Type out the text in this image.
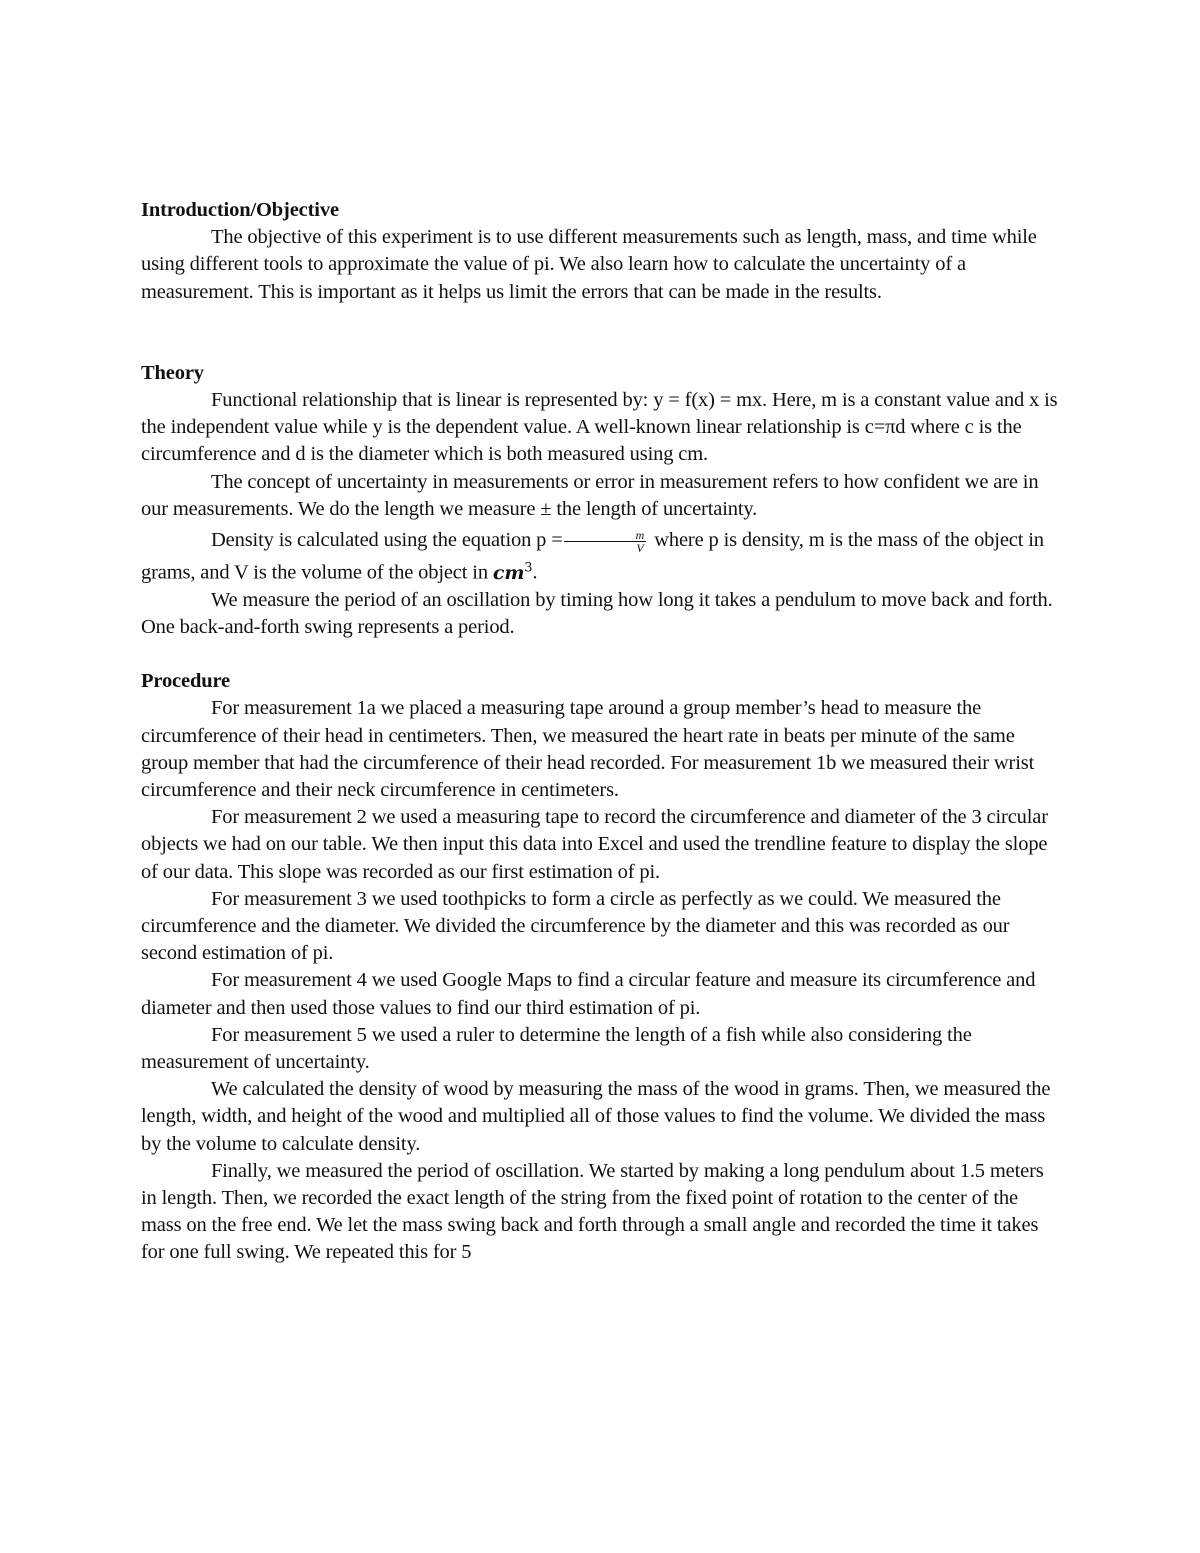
Introduction/Objective

The objective of this experiment is to use different measurements such as length, mass, and time while using different tools to approximate the value of pi. We also learn how to calculate the uncertainty of a measurement. This is important as it helps us limit the errors that can be made in the results.

Theory

Functional relationship that is linear is represented by: y = f(x) = mx. Here, m is a constant value and x is the independent value while y is the dependent value. A well-known linear relationship is c=πd where c is the circumference and d is the diameter which is both measured using cm.

The concept of uncertainty in measurements or error in measurement refers to how confident we are in our measurements. We do the length we measure ± the length of uncertainty.

Density is calculated using the equation $p = \frac{m}{V}$ where p is density, m is the mass of the object in grams, and V is the volume of the object in $cm^3$.

We measure the period of an oscillation by timing how long it takes a pendulum to move back and forth. One back-and-forth swing represents a period.

Procedure

For measurement 1a we placed a measuring tape around a group member’s head to measure the circumference of their head in centimeters. Then, we measured the heart rate in beats per minute of the same group member that had the circumference of their head recorded. For measurement 1b we measured their wrist circumference and their neck circumference in centimeters.

For measurement 2 we used a measuring tape to record the circumference and diameter of the 3 circular objects we had on our table. We then input this data into Excel and used the trendline feature to display the slope of our data. This slope was recorded as our first estimation of pi.

For measurement 3 we used toothpicks to form a circle as perfectly as we could. We measured the circumference and the diameter. We divided the circumference by the diameter and this was recorded as our second estimation of pi.

For measurement 4 we used Google Maps to find a circular feature and measure its circumference and diameter and then used those values to find our third estimation of pi.

For measurement 5 we used a ruler to determine the length of a fish while also considering the measurement of uncertainty.

We calculated the density of wood by measuring the mass of the wood in grams. Then, we measured the length, width, and height of the wood and multiplied all of those values to find the volume. We divided the mass by the volume to calculate density.

Finally, we measured the period of oscillation. We started by making a long pendulum about 1.5 meters in length. Then, we recorded the exact length of the string from the fixed point of rotation to the center of the mass on the free end. We let the mass swing back and forth through a small angle and recorded the time it takes for one full swing. We repeated this for 5
